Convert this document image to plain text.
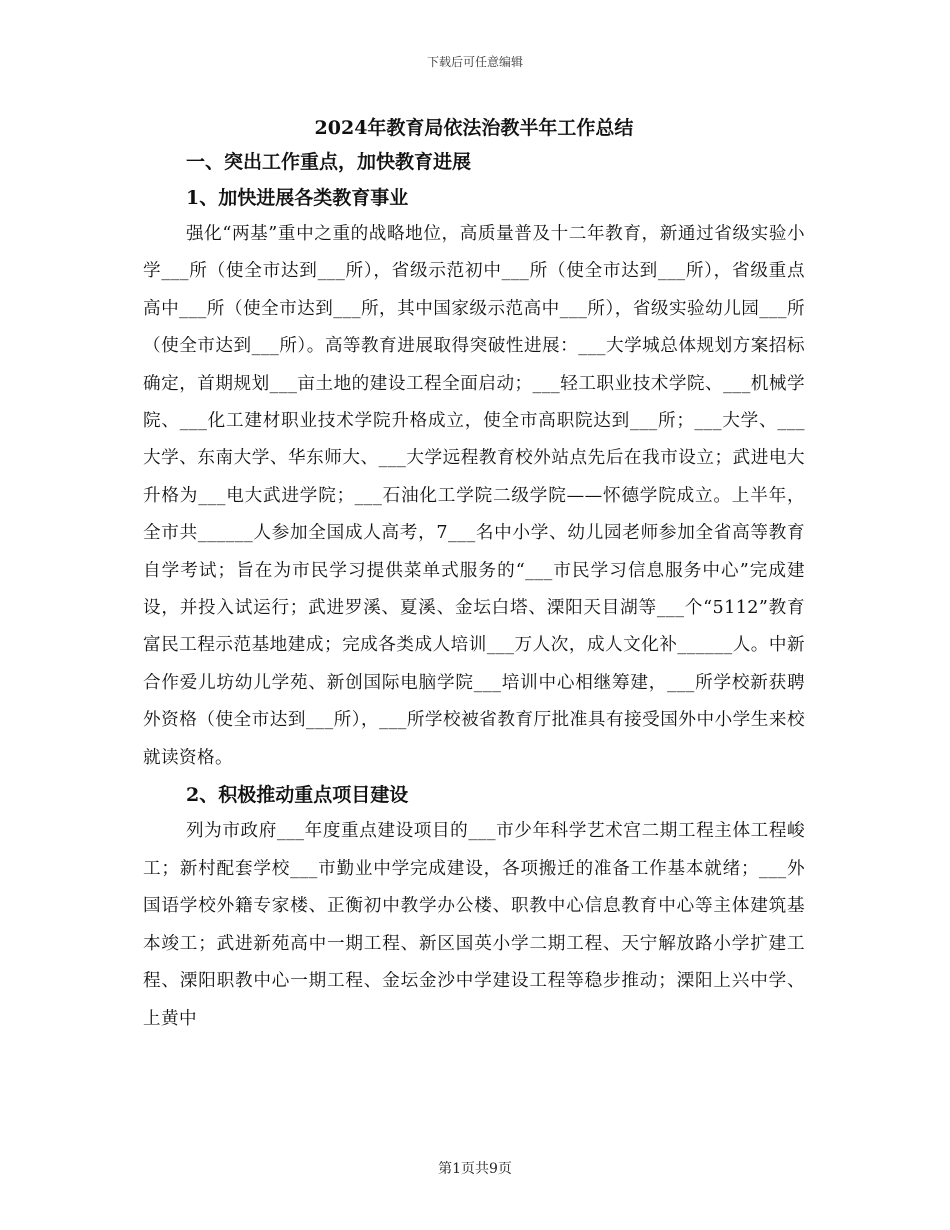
下载后可任意编辑
2024年教育局依法治教半年工作总结
一、突出工作重点，加快教育进展
1、加快进展各类教育事业

强化“两基”重中之重的战略地位，高质量普及十二年教育，新通过省级实验小学___所（使全市达到___所），省级示范初中___所（使全市达到___所），省级重点高中___所（使全市达到___所，其中国家级示范高中___所），省级实验幼儿园___所（使全市达到___所）。高等教育进展取得突破性进展：___大学城总体规划方案招标确定，首期规划___亩土地的建设工程全面启动；___轻工职业技术学院、___机械学院、___化工建材职业技术学院升格成立，使全市高职院达到___所；___大学、___大学、东南大学、华东师大、___大学远程教育校外站点先后在我市设立；武进电大升格为___电大武进学院；___石油化工学院二级学院——怀德学院成立。上半年，全市共______人参加全国成人高考，7___名中小学、幼儿园老师参加全省高等教育自学考试；旨在为市民学习提供菜单式服务的“___市民学习信息服务中心”完成建设，并投入试运行；武进罗溪、夏溪、金坛白塔、溧阳天目湖等___个“5112”教育富民工程示范基地建成；完成各类成人培训___万人次，成人文化补______人。中新合作爱儿坊幼儿学苑、新创国际电脑学院___培训中心相继筹建，___所学校新获聘外资格（使全市达到___所），___所学校被省教育厅批准具有接受国外中小学生来校就读资格。

2、积极推动重点项目建设

列为市政府___年度重点建设项目的___市少年科学艺术宫二期工程主体工程峻工；新村配套学校___市勤业中学完成建设，各项搬迁的准备工作基本就绪；___外国语学校外籍专家楼、正衡初中教学办公楼、职教中心信息教育中心等主体建筑基本竣工；武进新苑高中一期工程、新区国英小学二期工程、天宁解放路小学扩建工程、溧阳职教中心一期工程、金坛金沙中学建设工程等稳步推动；溧阳上兴中学、上黄中

第1页共9页
